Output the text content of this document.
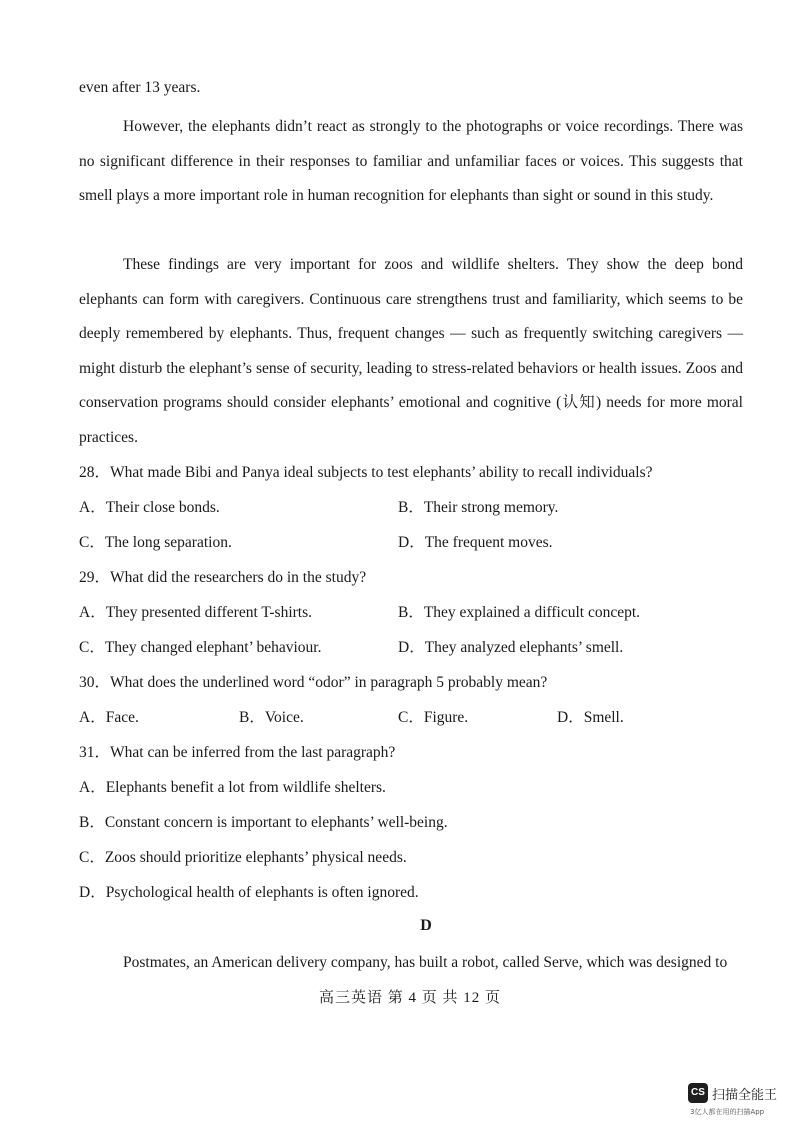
even after 13 years.

However, the elephants didn’t react as strongly to the photographs or voice recordings. There was no significant difference in their responses to familiar and unfamiliar faces or voices. This suggests that smell plays a more important role in human recognition for elephants than sight or sound in this study.

These findings are very important for zoos and wildlife shelters. They show the deep bond elephants can form with caregivers. Continuous care strengthens trust and familiarity, which seems to be deeply remembered by elephants. Thus, frequent changes — such as frequently switching caregivers — might disturb the elephant’s sense of security, leading to stress-related behaviors or health issues. Zoos and conservation programs should consider elephants’ emotional and cognitive (认知) needs for more moral practices.

28．What made Bibi and Panya ideal subjects to test elephants’ ability to recall individuals?
A．Their close bonds.	B．Their strong memory.
C．The long separation.	D．The frequent moves.
29．What did the researchers do in the study?
A．They presented different T-shirts.	B．They explained a difficult concept.
C．They changed elephant’ behaviour.	D．They analyzed elephants’ smell.
30．What does the underlined word “odor” in paragraph 5 probably mean?
A．Face.	B．Voice.	C．Figure.	D．Smell.
31．What can be inferred from the last paragraph?
A．Elephants benefit a lot from wildlife shelters.
B．Constant concern is important to elephants’ well-being.
C．Zoos should prioritize elephants’ physical needs.
D．Psychological health of elephants is often ignored.
D
Postmates, an American delivery company, has built a robot, called Serve, which was designed to
高三英语 第 4 页 共 12 页
CS 扫描全能王
3亿人都在用的扫描App
